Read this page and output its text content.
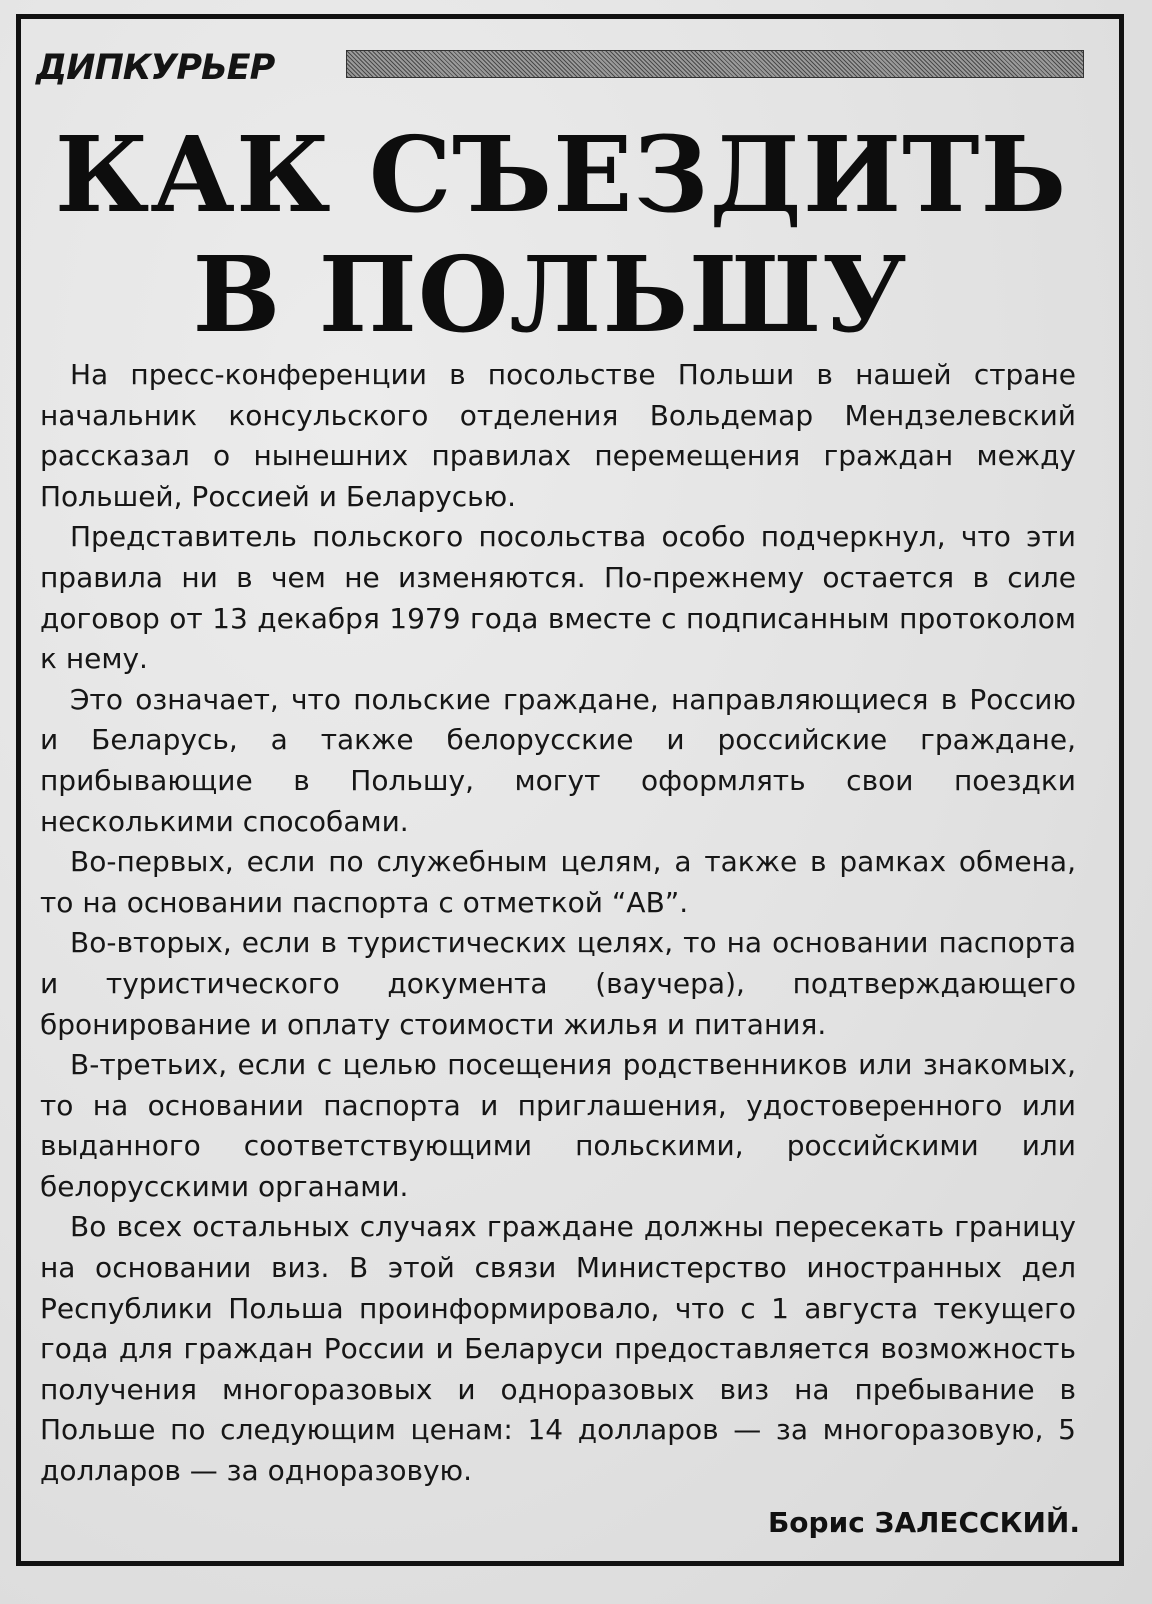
ДИПКУРЬЕР
КАК СЪЕЗДИТЬ
В ПОЛЬШУ

На пресс-конференции в посольстве Польши в нашей стране начальник консульского отделения Вольдемар Мендзелевский рассказал о нынешних правилах перемещения граждан между Польшей, Россией и Беларусью.

Представитель польского посольства особо подчеркнул, что эти правила ни в чем не изменяются. По-прежнему остается в силе договор от 13 декабря 1979 года вместе с подписанным протоколом к нему.

Это означает, что польские граждане, направляющиеся в Россию и Беларусь, а также белорусские и российские граждане, прибывающие в Польшу, могут оформлять свои поездки несколькими способами.

Во-первых, если по служебным целям, а также в рамках обмена, то на основании паспорта с отметкой “АВ”.

Во-вторых, если в туристических целях, то на основании паспорта и туристического документа (ваучера), подтверждающего бронирование и оплату стоимости жилья и питания.

В-третьих, если с целью посещения родственников или знакомых, то на основании паспорта и приглашения, удостоверенного или выданного соответствующими польскими, российскими или белорусскими органами.

Во всех остальных случаях граждане должны пересекать границу на основании виз. В этой связи Министерство иностранных дел Республики Польша проинформировало, что с 1 августа текущего года для граждан России и Беларуси предоставляется возможность получения многоразовых и одноразовых виз на пребывание в Польше по следующим ценам: 14 долларов — за многоразовую, 5 долларов — за одноразовую.

Борис ЗАЛЕССКИЙ.
